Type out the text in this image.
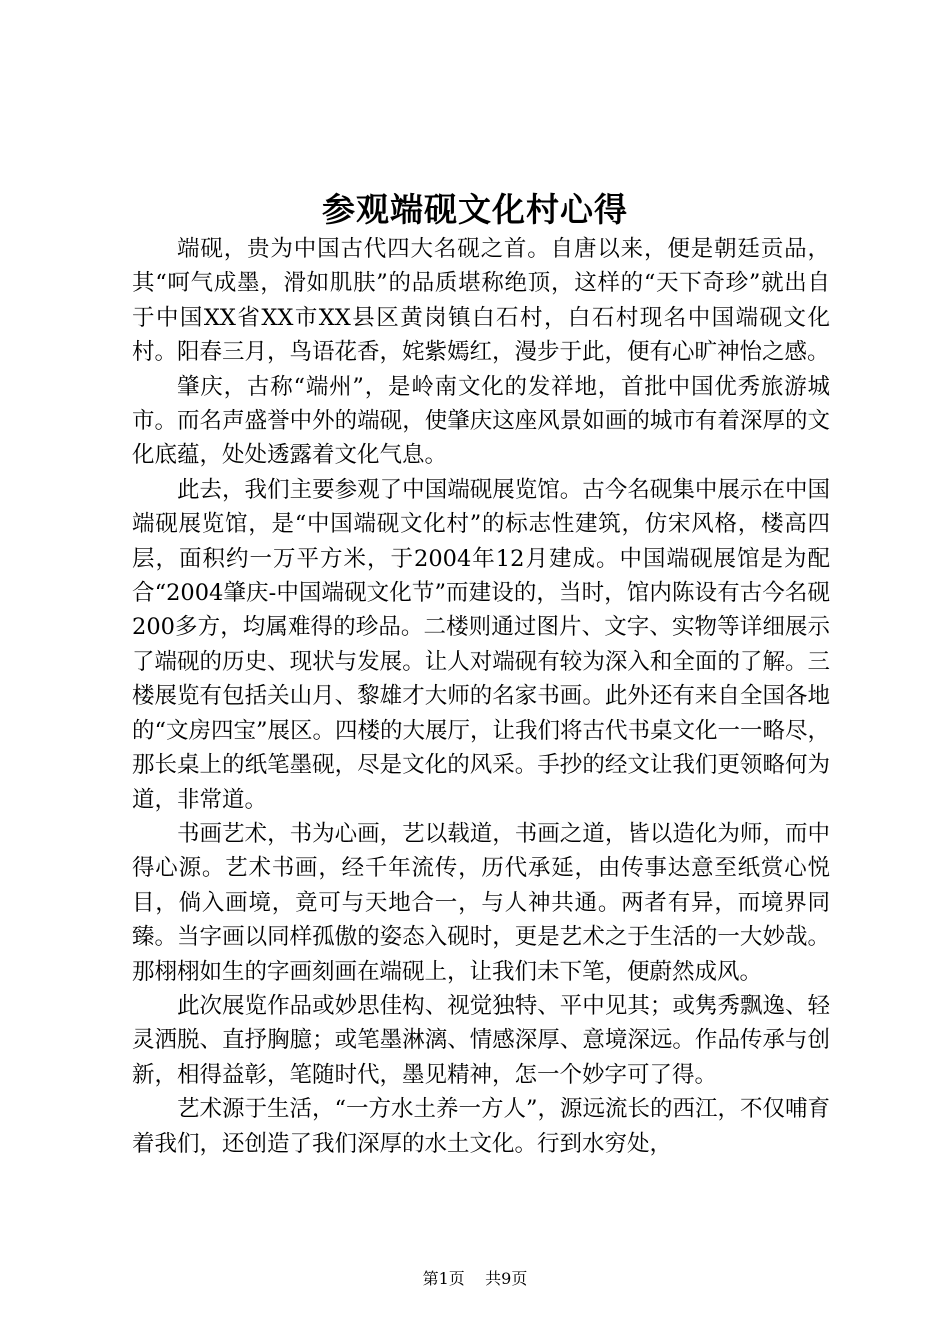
参观端砚文化村心得

端砚，贵为中国古代四大名砚之首。自唐以来，便是朝廷贡品，其“呵气成墨，滑如肌肤”的品质堪称绝顶，这样的“天下奇珍”就出自于中国XX省XX市XX县区黄岗镇白石村，白石村现名中国端砚文化村。阳春三月，鸟语花香，姹紫嫣红，漫步于此，便有心旷神怡之感。

肇庆，古称“端州”，是岭南文化的发祥地，首批中国优秀旅游城市。而名声盛誉中外的端砚，使肇庆这座风景如画的城市有着深厚的文化底蕴，处处透露着文化气息。

此去，我们主要参观了中国端砚展览馆。古今名砚集中展示在中国端砚展览馆，是“中国端砚文化村”的标志性建筑，仿宋风格，楼高四层，面积约一万平方米，于2004年12月建成。中国端砚展馆是为配合“2004肇庆-中国端砚文化节”而建设的，当时，馆内陈设有古今名砚200多方，均属难得的珍品。二楼则通过图片、文字、实物等详细展示了端砚的历史、现状与发展。让人对端砚有较为深入和全面的了解。三楼展览有包括关山月、黎雄才大师的名家书画。此外还有来自全国各地的“文房四宝”展区。四楼的大展厅，让我们将古代书桌文化一一略尽，那长桌上的纸笔墨砚，尽是文化的风采。手抄的经文让我们更领略何为道，非常道。

书画艺术，书为心画，艺以载道，书画之道，皆以造化为师，而中得心源。艺术书画，经千年流传，历代承延，由传事达意至纸赏心悦目，倘入画境，竟可与天地合一，与人神共通。两者有异，而境界同臻。当字画以同样孤傲的姿态入砚时，更是艺术之于生活的一大妙哉。那栩栩如生的字画刻画在端砚上，让我们未下笔，便蔚然成风。

此次展览作品或妙思佳构、视觉独特、平中见其；或隽秀飘逸、轻灵洒脱、直抒胸臆；或笔墨淋漓、情感深厚、意境深远。作品传承与创新，相得益彰，笔随时代，墨见精神，怎一个妙字可了得。

艺术源于生活，“一方水土养一方人”，源远流长的西江，不仅哺育着我们，还创造了我们深厚的水土文化。行到水穷处，

第1页 共9页
